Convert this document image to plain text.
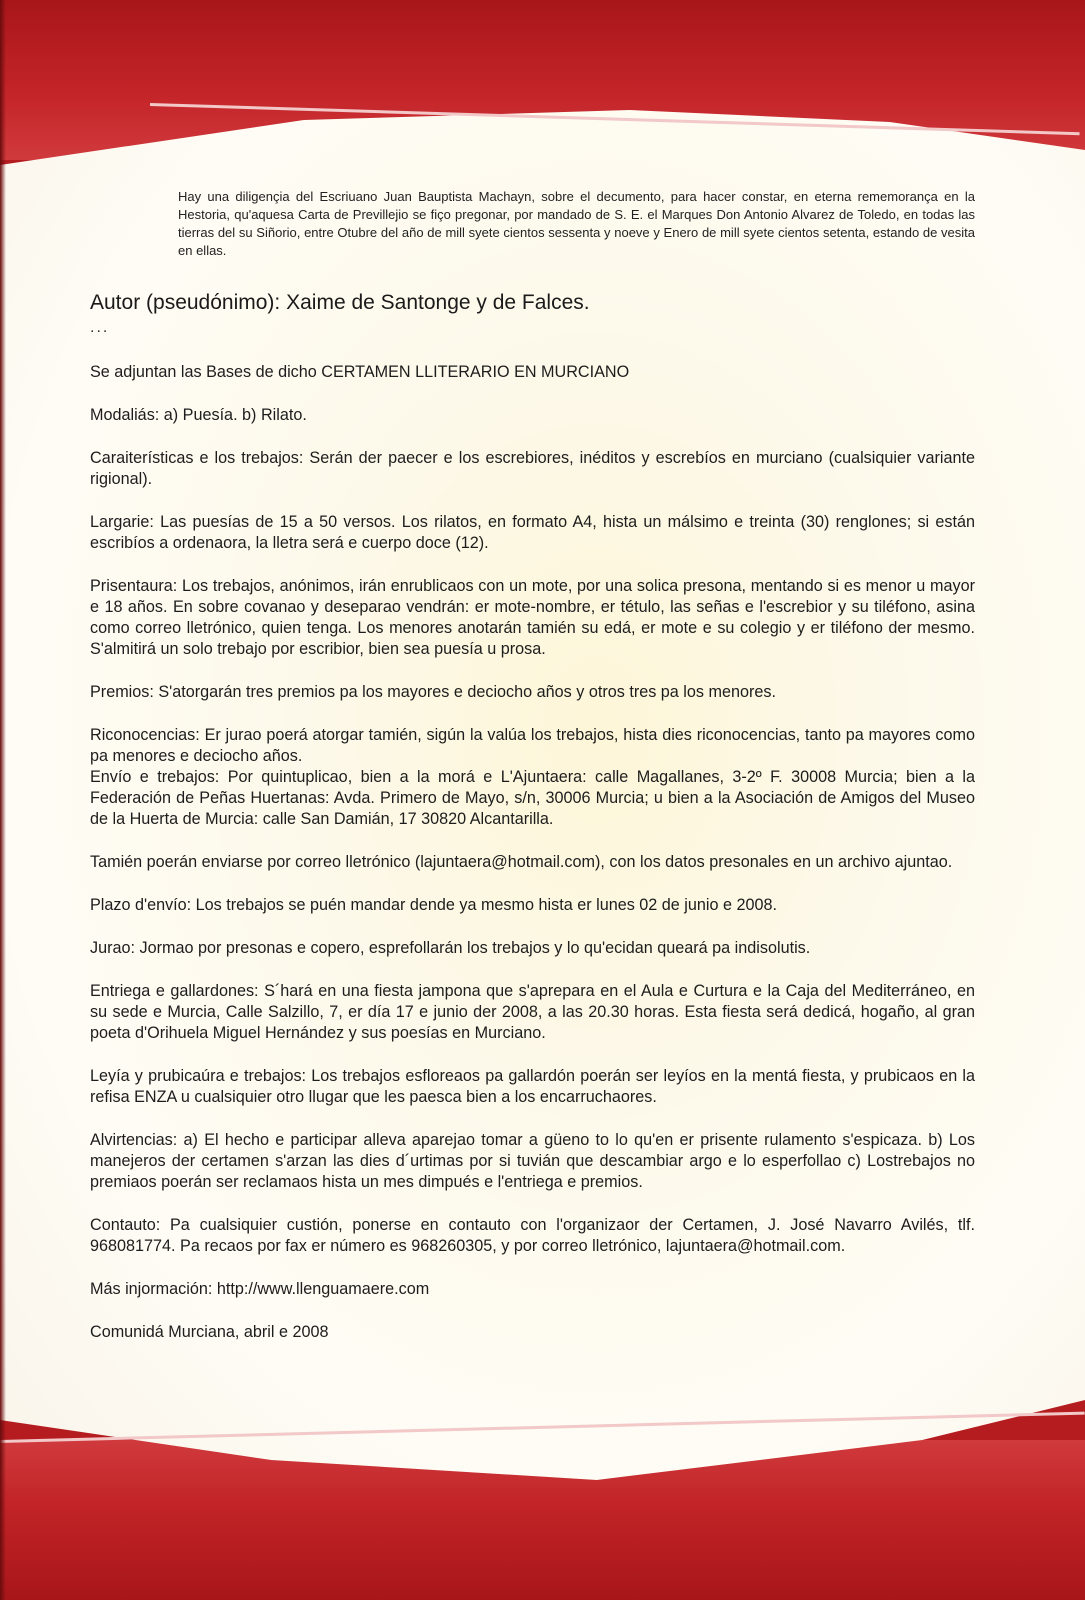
Hay una diligençia del Escriuano Juan Bauptista Machayn, sobre el decumento, para hacer constar, en eterna rememorança en la Hestoria, qu'aquesa Carta de Previllejio se fiço pregonar, por mandado de S. E. el Marques Don Antonio Alvarez de Toledo, en todas las tierras del su Siñorio, entre Otubre del año de mill syete cientos sessenta y noeve y Enero de mill syete cientos setenta, estando de vesita en ellas.

Autor (pseudónimo): Xaime de Santonge y de Falces.

...

Se adjuntan las Bases de dicho CERTAMEN LLITERARIO EN MURCIANO

Modaliás: a) Puesía. b) Rilato.

Caraiterísticas e los trebajos: Serán der paecer e los escrebiores, inéditos y escrebíos en murciano (cualsiquier variante rigional).

Largarie: Las puesías de 15 a 50 versos. Los rilatos, en formato A4, hista un málsimo e treinta (30) renglones; si están escribíos a ordenaora, la lletra será e cuerpo doce (12).

Prisentaura: Los trebajos, anónimos, irán enrublicaos con un mote, por una solica presona, mentando si es menor u mayor e 18 años. En sobre covanao y deseparao vendrán: er mote-nombre, er tétulo, las señas e l'escrebior y su tiléfono, asina como correo lletrónico, quien tenga. Los menores anotarán tamién su edá, er mote e su colegio y er tiléfono der mesmo. S'almitirá un solo trebajo por escribior, bien sea puesía u prosa.

Premios: S'atorgarán tres premios pa los mayores e deciocho años y otros tres pa los menores.

Riconocencias: Er jurao poerá atorgar tamién, sigún la valúa los trebajos, hista dies riconocencias, tanto pa mayores como pa menores e deciocho años.

Envío e trebajos: Por quintuplicao, bien a la morá e L'Ajuntaera: calle Magallanes, 3-2º F. 30008 Murcia; bien a la Federación de Peñas Huertanas: Avda. Primero de Mayo, s/n, 30006 Murcia; u bien a la Asociación de Amigos del Museo de la Huerta de Murcia: calle San Damián, 17 30820 Alcantarilla.

Tamién poerán enviarse por correo lletrónico (lajuntaera@hotmail.com), con los datos presonales en un archivo ajuntao.

Plazo d'envío: Los trebajos se puén mandar dende ya mesmo hista er lunes 02 de junio e 2008.

Jurao: Jormao por presonas e copero, esprefollarán los trebajos y lo qu'ecidan queará pa indisolutis.

Entriega e gallardones: S´hará en una fiesta jampona que s'aprepara en el Aula e Curtura e la Caja del Mediterráneo, en su sede e Murcia, Calle Salzillo, 7, er día 17 e junio der 2008, a las 20.30 horas. Esta fiesta será dedicá, hogaño, al gran poeta d'Orihuela Miguel Hernández y sus poesías en Murciano.

Leyía y prubicaúra e trebajos: Los trebajos esfloreaos pa gallardón poerán ser leyíos en la mentá fiesta, y prubicaos en la refisa ENZA u cualsiquier otro llugar que les paesca bien a los encarruchaores.

Alvirtencias: a) El hecho e participar alleva aparejao tomar a güeno to lo qu'en er prisente rulamento s'espicaza. b) Los manejeros der certamen s'arzan las dies d´urtimas por si tuvián que descambiar argo e lo esperfollao c) Lostrebajos no premiaos poerán ser reclamaos hista un mes dimpués e l'entriega e premios.

Contauto: Pa cualsiquier custión, ponerse en contauto con l'organizaor der Certamen, J. José Navarro Avilés, tlf. 968081774. Pa recaos por fax er número es 968260305, y por correo lletrónico, lajuntaera@hotmail.com.

Más injormación: http://www.llenguamaere.com

Comunidá Murciana, abril e 2008
